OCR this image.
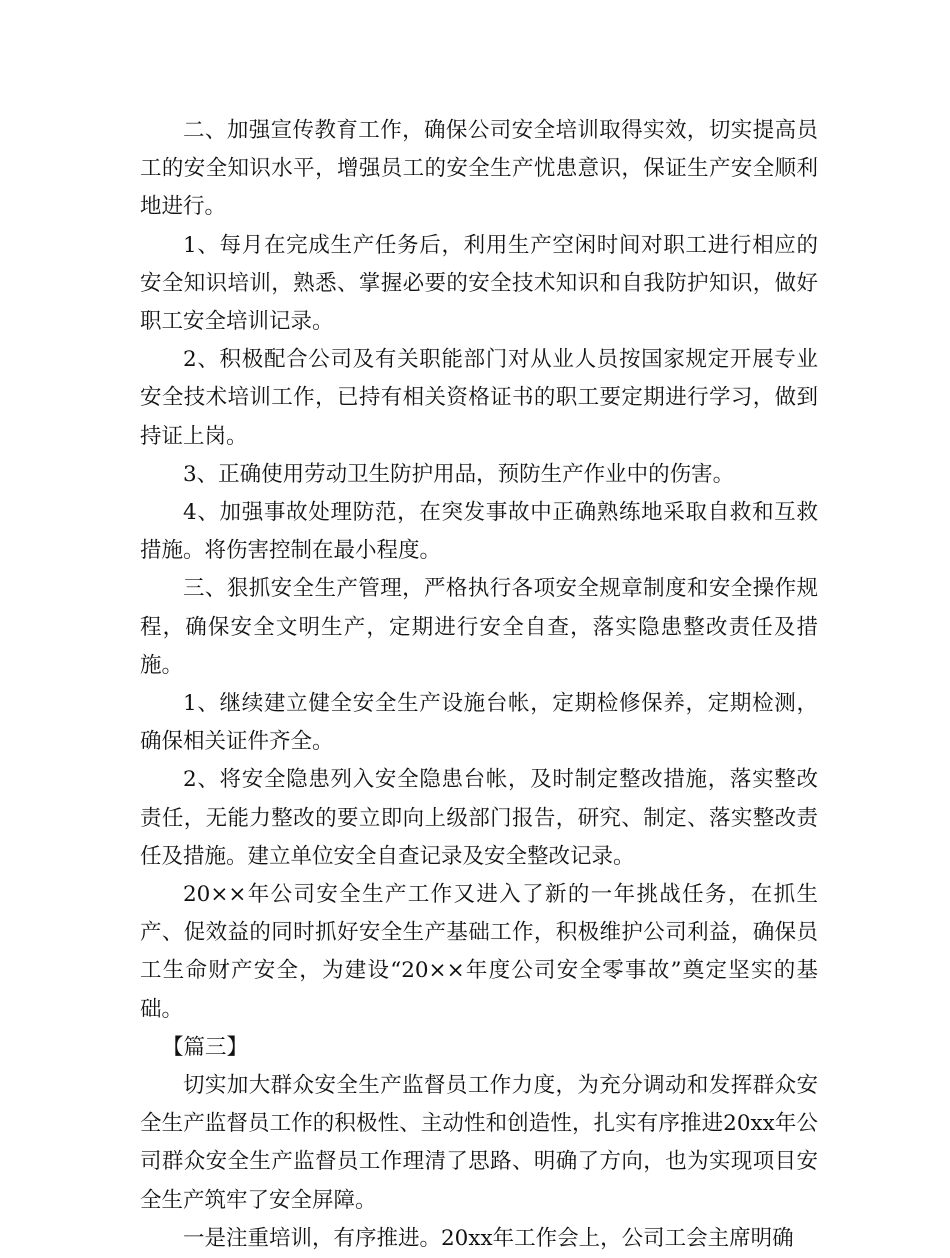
二、加强宣传教育工作，确保公司安全培训取得实效，切实提高员工的安全知识水平，增强员工的安全生产忧患意识，保证生产安全顺利地进行。

1、每月在完成生产任务后，利用生产空闲时间对职工进行相应的安全知识培训，熟悉、掌握必要的安全技术知识和自我防护知识，做好职工安全培训记录。

2、积极配合公司及有关职能部门对从业人员按国家规定开展专业安全技术培训工作，已持有相关资格证书的职工要定期进行学习，做到持证上岗。

3、正确使用劳动卫生防护用品，预防生产作业中的伤害。

4、加强事故处理防范，在突发事故中正确熟练地采取自救和互救措施。将伤害控制在最小程度。

三、狠抓安全生产管理，严格执行各项安全规章制度和安全操作规程，确保安全文明生产，定期进行安全自查，落实隐患整改责任及措施。

1、继续建立健全安全生产设施台帐，定期检修保养，定期检测，确保相关证件齐全。

2、将安全隐患列入安全隐患台帐，及时制定整改措施，落实整改责任，无能力整改的要立即向上级部门报告，研究、制定、落实整改责任及措施。建立单位安全自查记录及安全整改记录。

20××年公司安全生产工作又进入了新的一年挑战任务，在抓生产、促效益的同时抓好安全生产基础工作，积极维护公司利益，确保员工生命财产安全，为建设“20××年度公司安全零事故”奠定坚实的基础。

【篇三】

切实加大群众安全生产监督员工作力度，为充分调动和发挥群众安全生产监督员工作的积极性、主动性和创造性，扎实有序推进20xx年公司群众安全生产监督员工作理清了思路、明确了方向，也为实现项目安全生产筑牢了安全屏障。

一是注重培训，有序推进。20xx年工作会上，公司工会主席明确
